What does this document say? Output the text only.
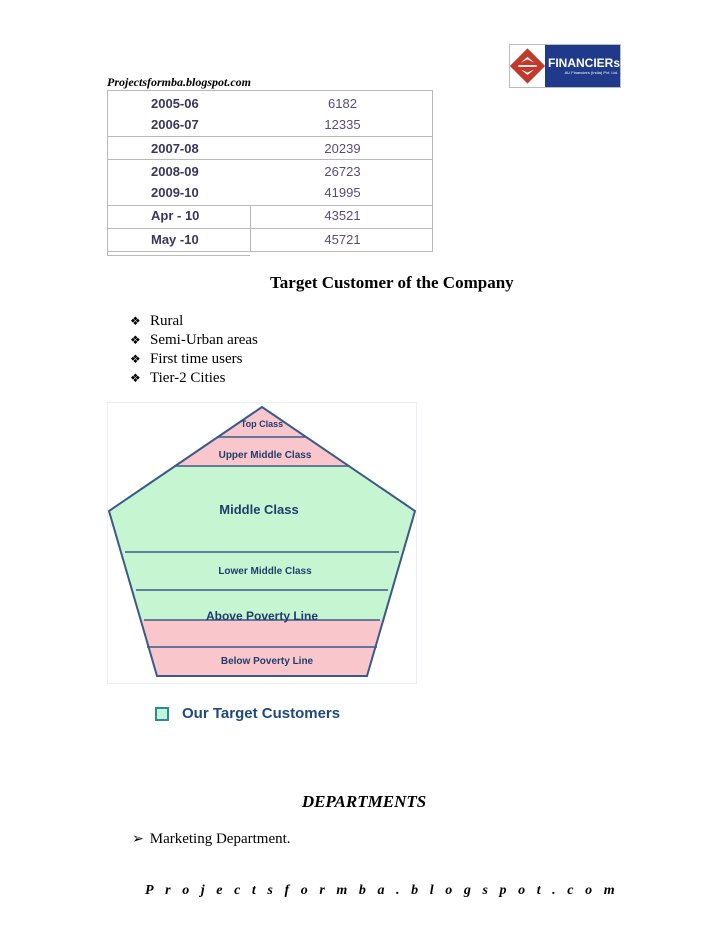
FINANCIERs
AU Financiers (India) Pvt. Ltd.
Projectsformba.blogspot.com
2005-06	6182
2006-07	12335
2007-08	20239
2008-09	26723
2009-10	41995
Apr - 10	43521
May -10	45721
Target Customer of the Company
❖ Rural
❖ Semi-Urban areas
❖ First time users
❖ Tier-2 Cities
Top Class
Upper Middle Class
Middle Class
Lower Middle Class
Above Poverty Line
Below Poverty Line
Our Target Customers
DEPARTMENTS
➢ Marketing Department.
Projectsformba.blogspot.com
